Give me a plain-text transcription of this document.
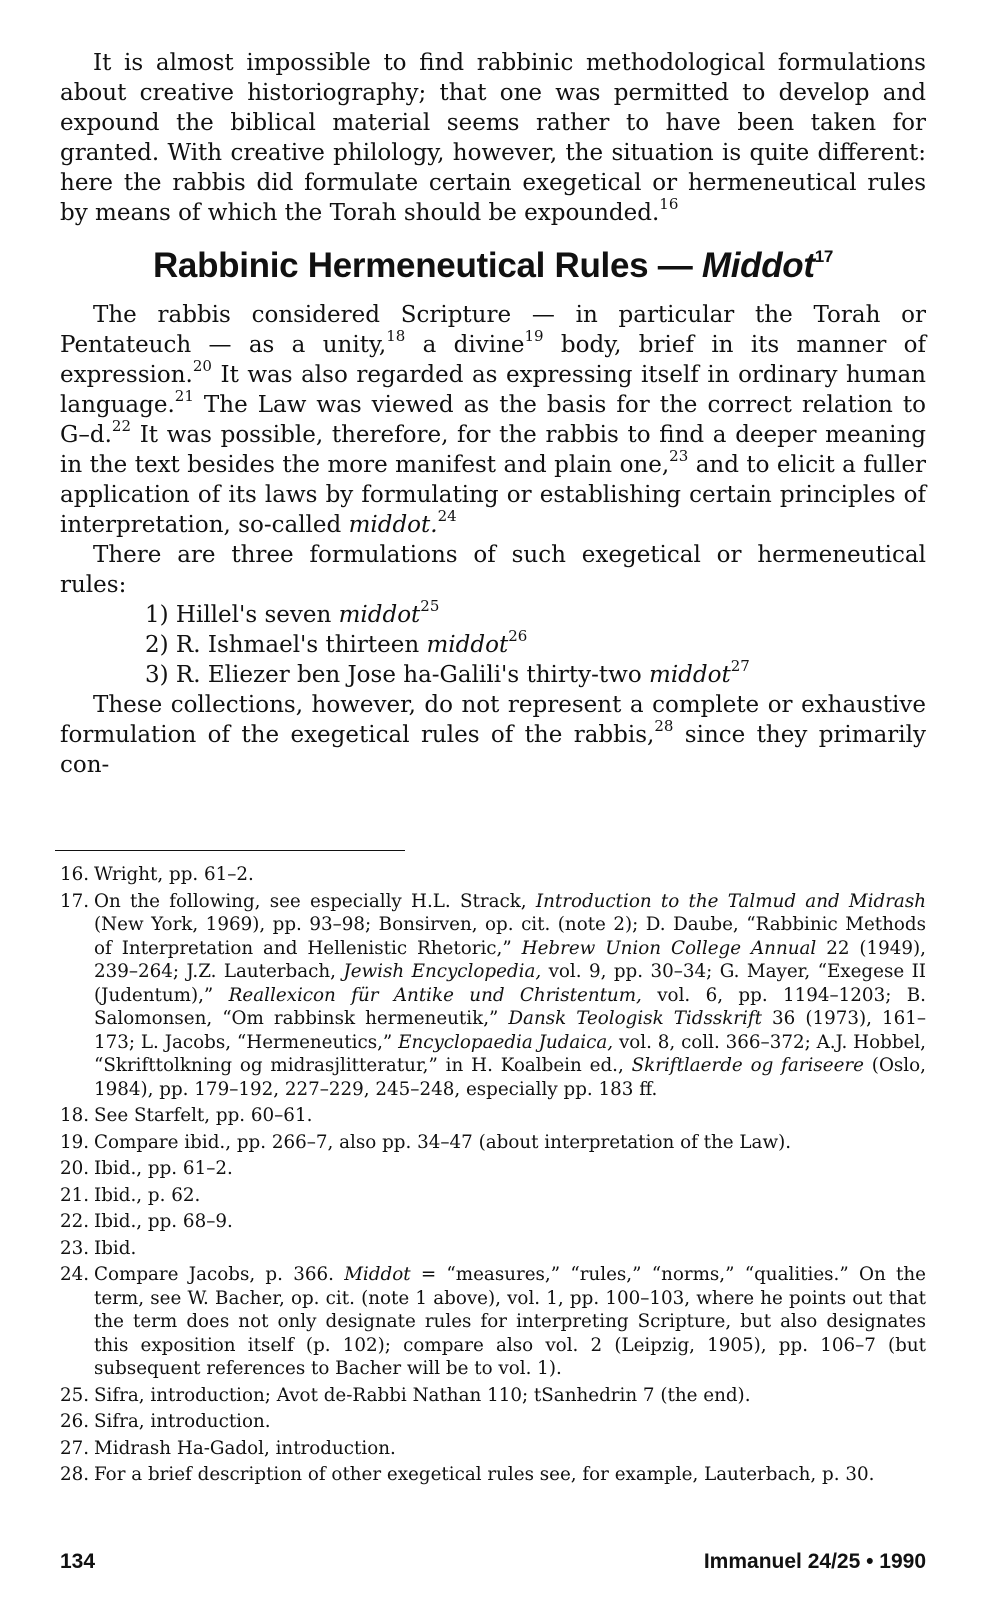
It is almost impossible to find rabbinic methodological formulations about creative historiography; that one was permitted to develop and expound the biblical material seems rather to have been taken for granted. With creative philology, however, the situation is quite different: here the rabbis did formulate certain exegetical or hermeneutical rules by means of which the Torah should be expounded.$^{16}$

Rabbinic Hermeneutical Rules — Middot$^{17}$

The rabbis considered Scripture — in particular the Torah or Pentateuch — as a unity,$^{18}$ a divine$^{19}$ body, brief in its manner of expression.$^{20}$ It was also regarded as expressing itself in ordinary human language.$^{21}$ The Law was viewed as the basis for the correct relation to G–d.$^{22}$ It was possible, therefore, for the rabbis to find a deeper meaning in the text besides the more manifest and plain one,$^{23}$ and to elicit a fuller application of its laws by formulating or establishing certain principles of interpretation, so-called middot.$^{24}$

There are three formulations of such exegetical or hermeneutical rules:

1) Hillel's seven middot$^{25}$
2) R. Ishmael's thirteen middot$^{26}$
3) R. Eliezer ben Jose ha-Galili's thirty-two middot$^{27}$

These collections, however, do not represent a complete or exhaustive formulation of the exegetical rules of the rabbis,$^{28}$ since they primarily con-

16. Wright, pp. 61–2.
17. On the following, see especially H.L. Strack, Introduction to the Talmud and Midrash (New York, 1969), pp. 93–98; Bonsirven, op. cit. (note 2); D. Daube, “Rabbinic Methods of Interpretation and Hellenistic Rhetoric,” Hebrew Union College Annual 22 (1949), 239–264; J.Z. Lauterbach, Jewish Encyclopedia, vol. 9, pp. 30–34; G. Mayer, “Exegese II (Judentum),” Reallexicon für Antike und Christentum, vol. 6, pp. 1194–1203; B. Salomonsen, “Om rabbinsk hermeneutik,” Dansk Teologisk Tidsskrift 36 (1973), 161–173; L. Jacobs, “Hermeneutics,” Encyclopaedia Judaica, vol. 8, coll. 366–372; A.J. Hobbel, “Skrifttolkning og midrasjlitteratur,” in H. Koalbein ed., Skriftlaerde og fariseere (Oslo, 1984), pp. 179–192, 227–229, 245–248, especially pp. 183 ff.
18. See Starfelt, pp. 60–61.
19. Compare ibid., pp. 266–7, also pp. 34–47 (about interpretation of the Law).
20. Ibid., pp. 61–2.
21. Ibid., p. 62.
22. Ibid., pp. 68–9.
23. Ibid.
24. Compare Jacobs, p. 366. Middot = “measures,” “rules,” “norms,” “qualities.” On the term, see W. Bacher, op. cit. (note 1 above), vol. 1, pp. 100–103, where he points out that the term does not only designate rules for interpreting Scripture, but also designates this exposition itself (p. 102); compare also vol. 2 (Leipzig, 1905), pp. 106–7 (but subsequent references to Bacher will be to vol. 1).
25. Sifra, introduction; Avot de-Rabbi Nathan 110; tSanhedrin 7 (the end).
26. Sifra, introduction.
27. Midrash Ha-Gadol, introduction.
28. For a brief description of other exegetical rules see, for example, Lauterbach, p. 30.
134	Immanuel 24/25 • 1990
